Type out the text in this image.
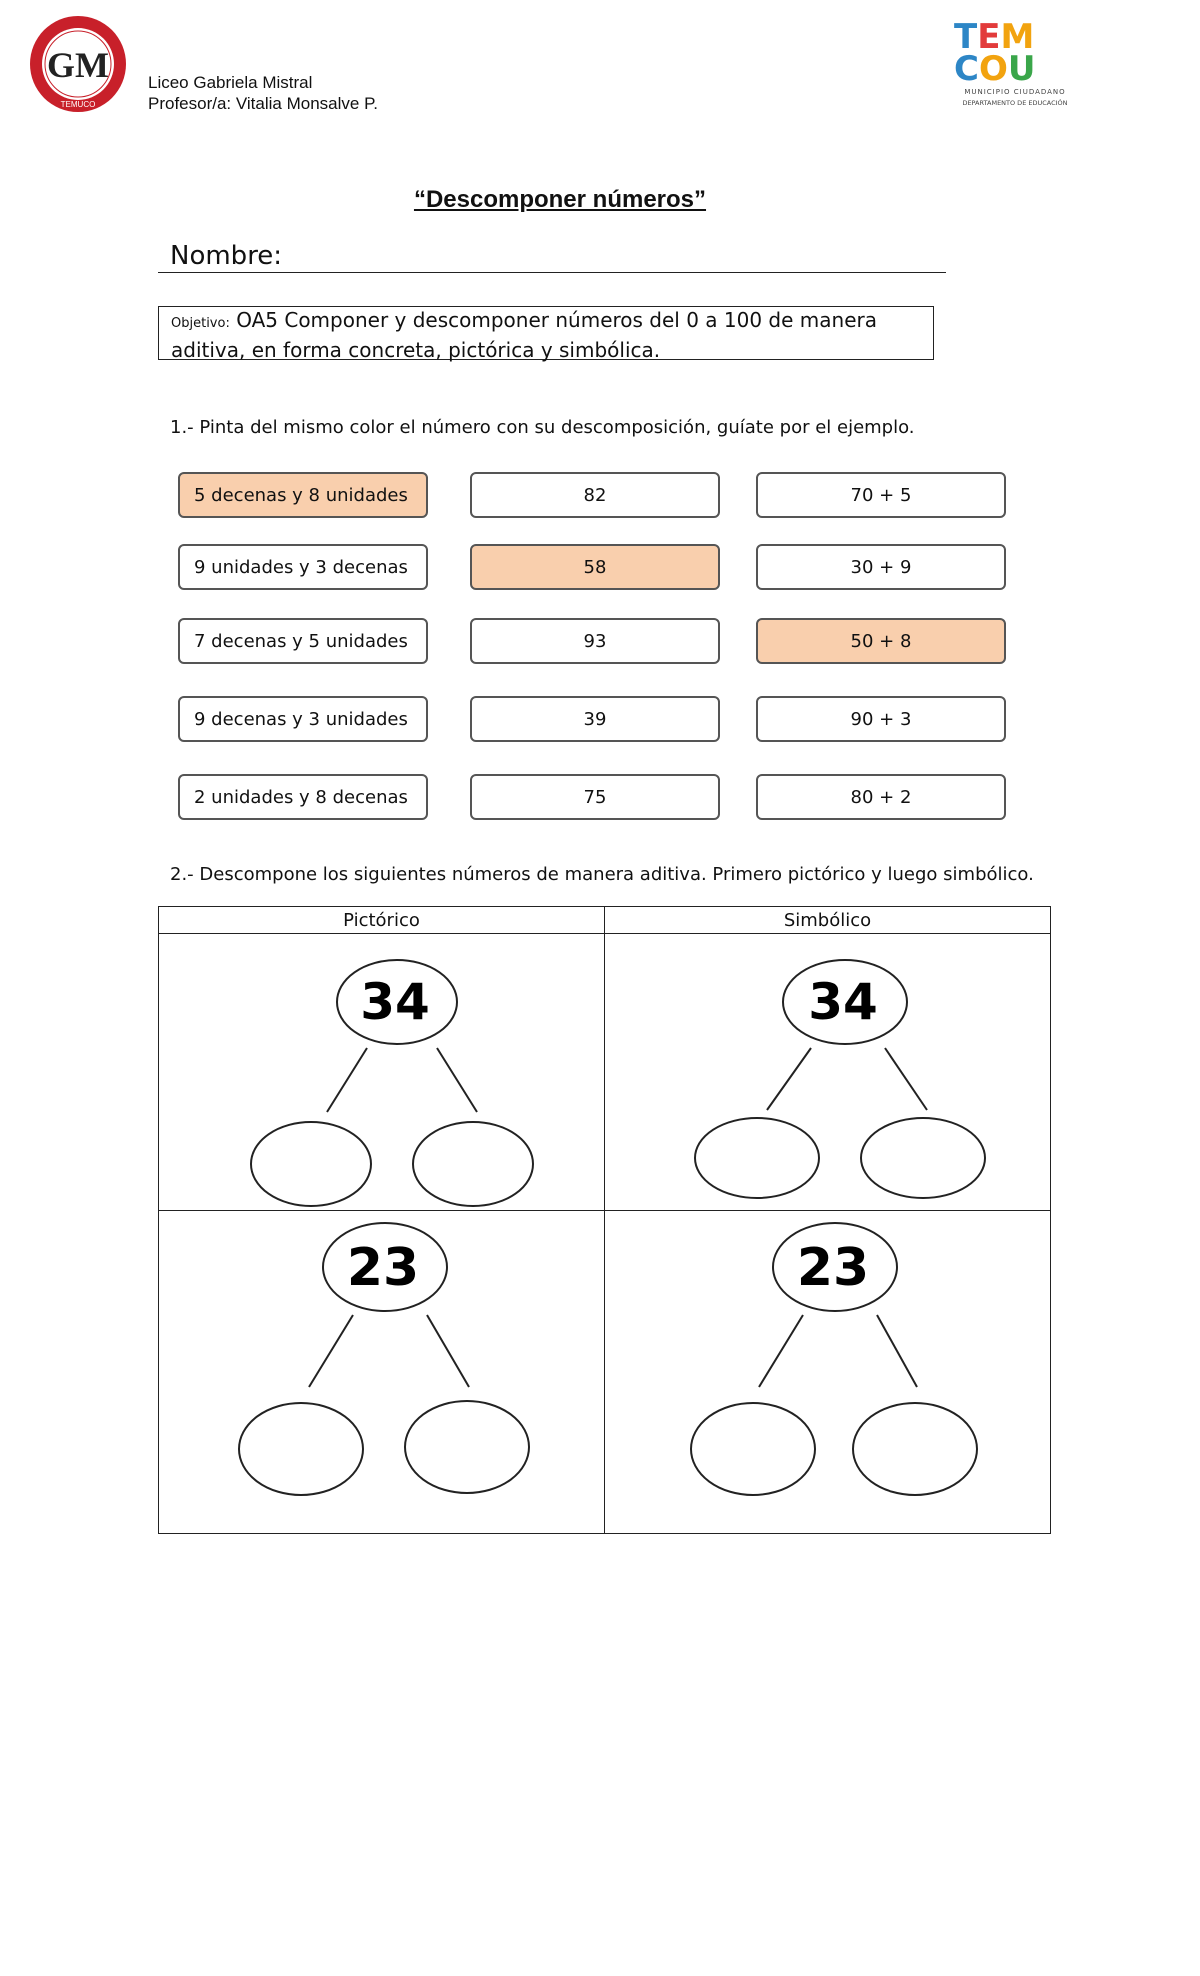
GM
TEMUCO
Liceo Gabriela Mistral
Profesor/a: Vitalia Monsalve P.
TEM
COU
MUNICIPIO CIUDADANO
DEPARTAMENTO DE EDUCACIÓN
“Descomponer números”
Nombre:
Objetivo: OA5 Componer y descomponer números del 0 a 100 de manera aditiva, en forma concreta, pictórica y simbólica.
1.- Pinta del mismo color el número con su descomposición, guíate por el ejemplo.
5 decenas y 8 unidades	82	70 + 5
9 unidades y 3 decenas	58	30 + 9
7 decenas y 5 unidades	93	50 + 8
9 decenas y 3 unidades	39	90 + 3
2 unidades y 8 decenas	75	80 + 2
2.- Descompone los siguientes números de manera aditiva. Primero pictórico y luego simbólico.
Pictórico	Simbólico

34	34

23	23
